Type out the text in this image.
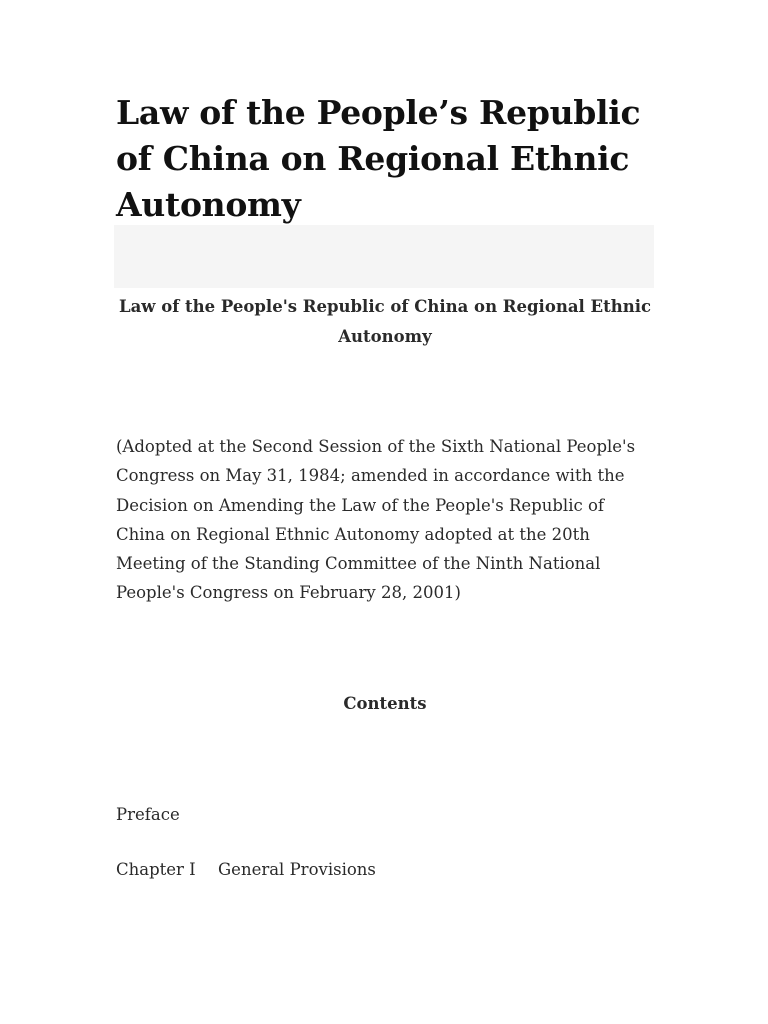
Law of the People’s Republic of China on Regional Ethnic Autonomy
Law of the People's Republic of China on Regional Ethnic Autonomy

(Adopted at the Second Session of the Sixth National People's Congress on May 31, 1984; amended in accordance with the Decision on Amending the Law of the People's Republic of China on Regional Ethnic Autonomy adopted at the 20th Meeting of the Standing Committee of the Ninth National People's Congress on February 28, 2001)

Contents

Preface

Chapter I General Provisions
